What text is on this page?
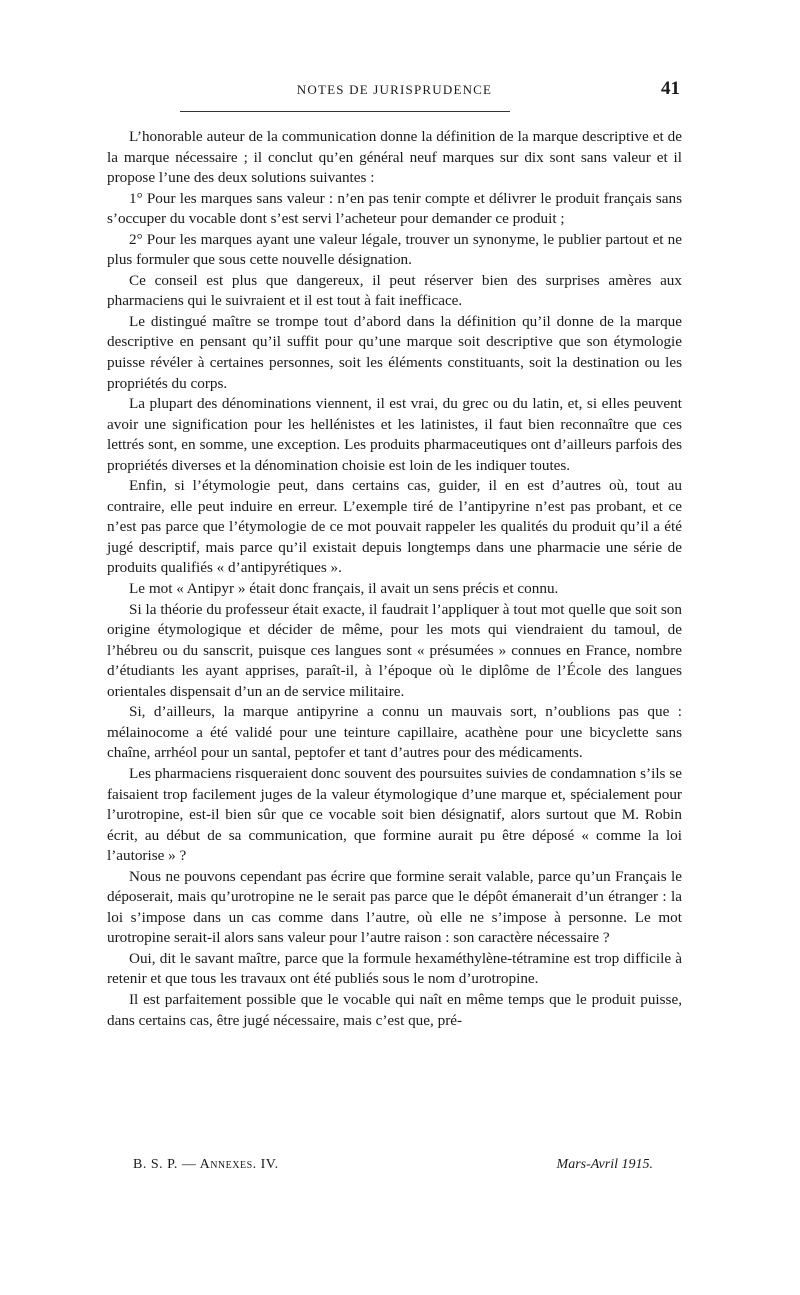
NOTES DE JURISPRUDENCE	41

L’honorable auteur de la communication donne la définition de la marque descriptive et de la marque nécessaire ; il conclut qu’en général neuf marques sur dix sont sans valeur et il propose l’une des deux solutions suivantes :

1° Pour les marques sans valeur : n’en pas tenir compte et délivrer le produit français sans s’occuper du vocable dont s’est servi l’acheteur pour demander ce produit ;

2° Pour les marques ayant une valeur légale, trouver un synonyme, le publier partout et ne plus formuler que sous cette nouvelle désignation.

Ce conseil est plus que dangereux, il peut réserver bien des surprises amères aux pharmaciens qui le suivraient et il est tout à fait inefficace.

Le distingué maître se trompe tout d’abord dans la définition qu’il donne de la marque descriptive en pensant qu’il suffit pour qu’une marque soit descriptive que son étymologie puisse révéler à certaines personnes, soit les éléments constituants, soit la destination ou les propriétés du corps.

La plupart des dénominations viennent, il est vrai, du grec ou du latin, et, si elles peuvent avoir une signification pour les hellénistes et les latinistes, il faut bien reconnaître que ces lettrés sont, en somme, une exception. Les produits pharmaceutiques ont d’ailleurs parfois des propriétés diverses et la dénomination choisie est loin de les indiquer toutes.

Enfin, si l’étymologie peut, dans certains cas, guider, il en est d’autres où, tout au contraire, elle peut induire en erreur. L’exemple tiré de l’antipyrine n’est pas probant, et ce n’est pas parce que l’étymologie de ce mot pouvait rappeler les qualités du produit qu’il a été jugé descriptif, mais parce qu’il existait depuis longtemps dans une pharmacie une série de produits qualifiés « d’antipyrétiques ».

Le mot « Antipyr » était donc français, il avait un sens précis et connu.

Si la théorie du professeur était exacte, il faudrait l’appliquer à tout mot quelle que soit son origine étymologique et décider de même, pour les mots qui viendraient du tamoul, de l’hébreu ou du sanscrit, puisque ces langues sont « présumées » connues en France, nombre d’étudiants les ayant apprises, paraît-il, à l’époque où le diplôme de l’École des langues orientales dispensait d’un an de service militaire.

Si, d’ailleurs, la marque antipyrine a connu un mauvais sort, n’oublions pas que : mélainocome a été validé pour une teinture capillaire, acathène pour une bicyclette sans chaîne, arrhéol pour un santal, peptofer et tant d’autres pour des médicaments.

Les pharmaciens risqueraient donc souvent des poursuites suivies de condamnation s’ils se faisaient trop facilement juges de la valeur étymologique d’une marque et, spécialement pour l’urotropine, est-il bien sûr que ce vocable soit bien désignatif, alors surtout que M. Robin écrit, au début de sa communication, que formine aurait pu être déposé « comme la loi l’autorise » ?

Nous ne pouvons cependant pas écrire que formine serait valable, parce qu’un Français le déposerait, mais qu’urotropine ne le serait pas parce que le dépôt émanerait d’un étranger : la loi s’impose dans un cas comme dans l’autre, où elle ne s’impose à personne. Le mot urotropine serait-il alors sans valeur pour l’autre raison : son caractère nécessaire ?

Oui, dit le savant maître, parce que la formule hexaméthylène-tétramine est trop difficile à retenir et que tous les travaux ont été publiés sous le nom d’urotropine.

Il est parfaitement possible que le vocable qui naît en même temps que le produit puisse, dans certains cas, être jugé nécessaire, mais c’est que, pré-

B. S. P. — Annexes. IV.	Mars-Avril 1915.
